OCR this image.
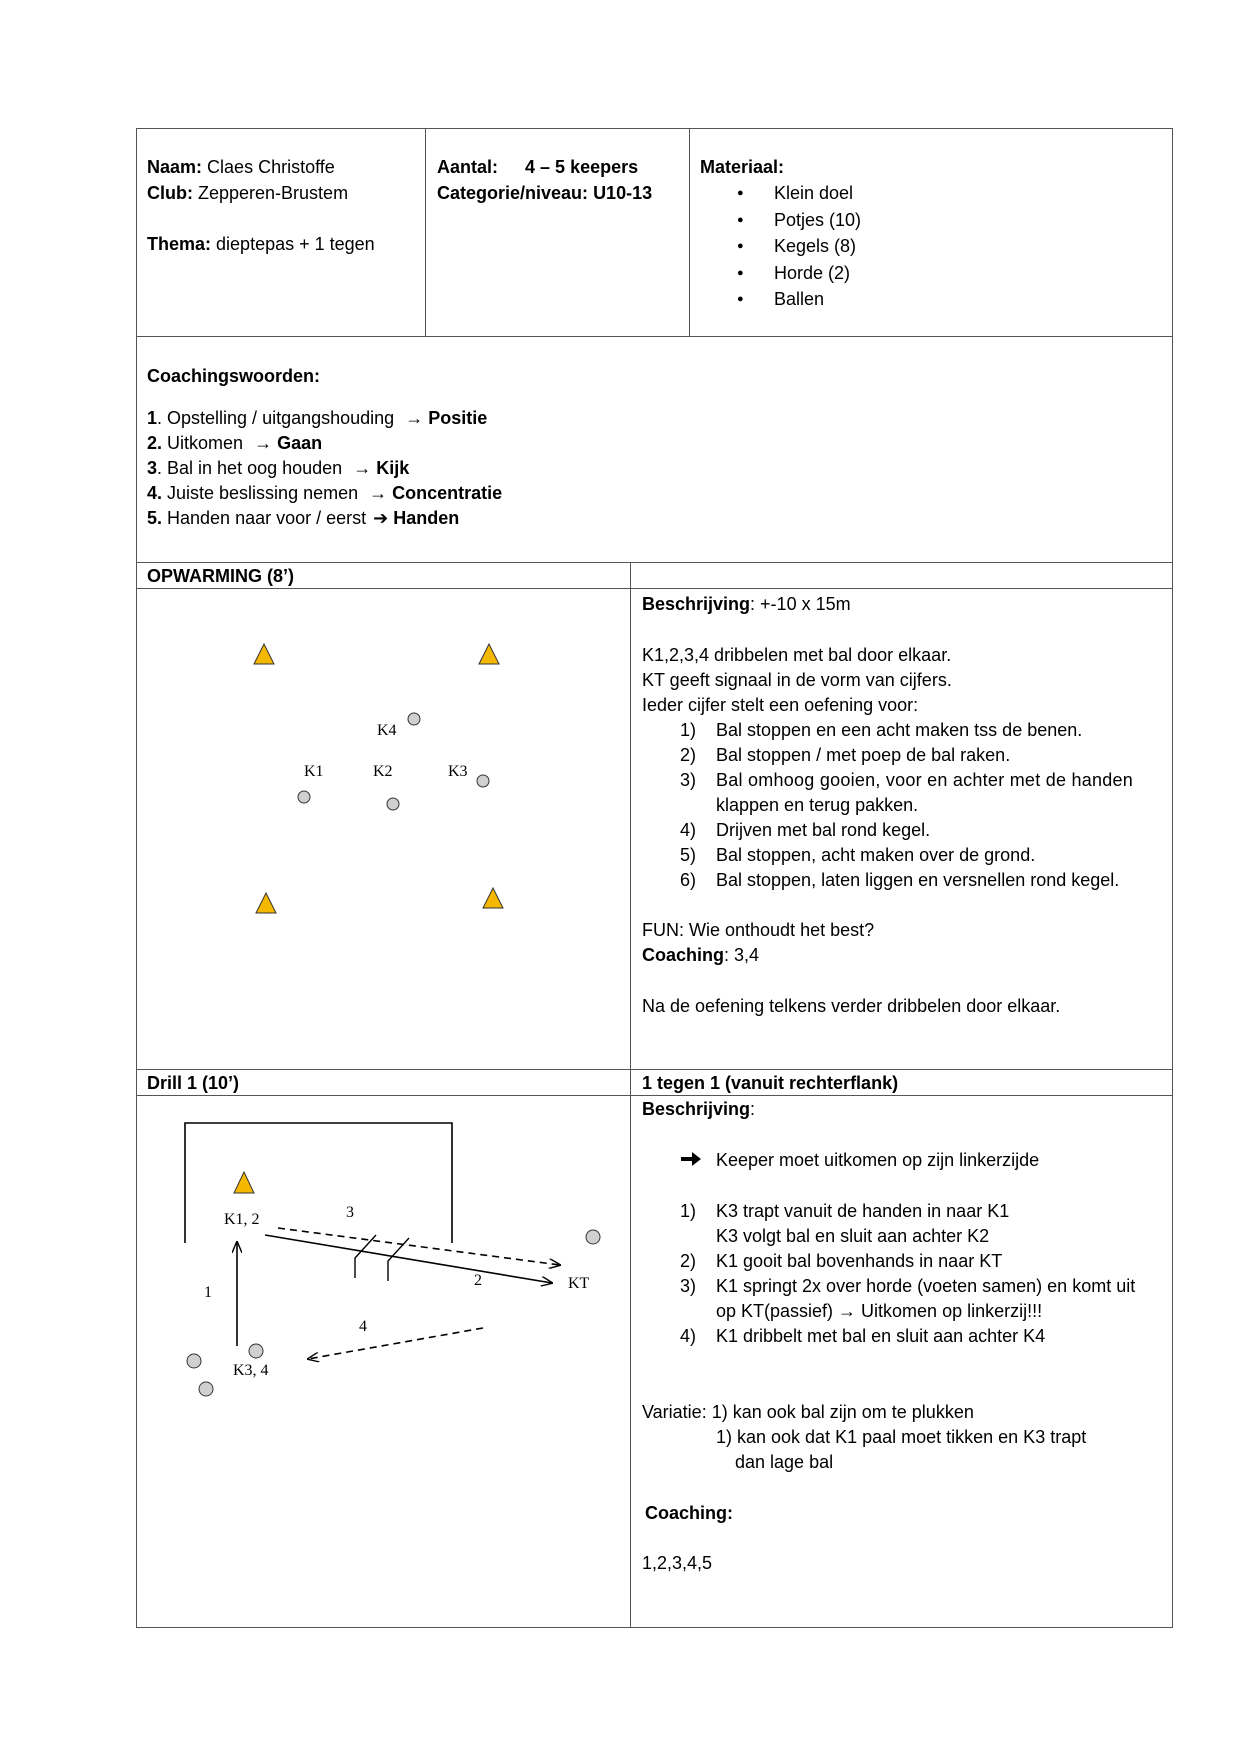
Naam: Claes Christoffe
Club: Zepperen-Brustem
Thema: dieptepas + 1 tegen
Aantal: 4 – 5 keepers
Categorie/niveau: U10-13
Materiaal:
● Klein doel
● Potjes (10)
● Kegels (8)
● Horde (2)
● Ballen
Coachingswoorden:
1. Opstelling / uitgangshouding → Positie
2. Uitkomen → Gaan
3. Bal in het oog houden → Kijk
4. Juiste beslissing nemen → Concentratie
5. Handen naar voor / eerst ➔ Handen
OPWARMING (8’)
Beschrijving: +-10 x 15m
K1,2,3,4 dribbelen met bal door elkaar.
KT geeft signaal in de vorm van cijfers.
Ieder cijfer stelt een oefening voor:
1) Bal stoppen en een acht maken tss de benen.
2) Bal stoppen / met poep de bal raken.
3) Bal omhoog gooien, voor en achter met de handen
klappen en terug pakken.
4) Drijven met bal rond kegel.
5) Bal stoppen, acht maken over de grond.
6) Bal stoppen, laten liggen en versnellen rond kegel.
FUN: Wie onthoudt het best?
Coaching: 3,4
Na de oefening telkens verder dribbelen door elkaar.
K4
K1	K2	K3
Drill 1 (10’)	1 tegen 1 (vanuit rechterflank)
Beschrijving:
Keeper moet uitkomen op zijn linkerzijde
1) K3 trapt vanuit de handen in naar K1
K3 volgt bal en sluit aan achter K2
2) K1 gooit bal bovenhands in naar KT
3) K1 springt 2x over horde (voeten samen) en komt uit
op KT(passief) → Uitkomen op linkerzij!!!
4) K1 dribbelt met bal en sluit aan achter K4
Variatie: 1) kan ook bal zijn om te plukken
1) kan ook dat K1 paal moet tikken en K3 trapt
dan lage bal
Coaching:
1,2,3,4,5
K1, 2	3
1
2	KT
4
K3, 4
